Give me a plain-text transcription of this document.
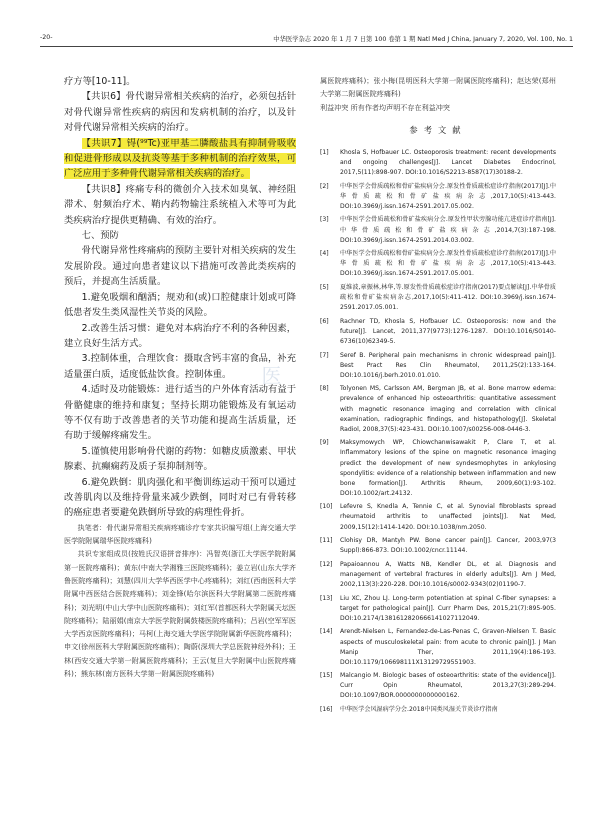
-20-	中华医学杂志 2020 年 1 月 7 日第 100 卷第 1 期 Natl Med J China, January 7, 2020, Vol. 100, No. 1
医

疗方等[10-11]。

【共识6】骨代谢异常相关疾病的治疗，必须包括针对骨代谢异常性疾病的病因和发病机制的治疗，以及针对骨代谢异常相关疾病的治疗。

【共识7】锝(⁹⁹Tc)亚甲基二膦酸盐具有抑制骨吸收和促进骨形成以及抗炎等基于多种机制的治疗效果，可广泛应用于多种骨代谢异常相关疾病的治疗。

【共识8】疼痛专科的微创介入技术如臭氧、神经阻滞术、射频治疗术、鞘内药物输注系统植入术等可为此类疾病治疗提供更精确、有效的治疗。

七、预防

骨代谢异常性疼痛病的预防主要针对相关疾病的发生发展阶段。通过向患者建议以下措施可改善此类疾病的预后，并提高生活质量。

1.避免吸烟和酗酒；规劝和(或)口腔健康计划或可降低患者发生类风湿性关节炎的风险。

2.改善生活习惯：避免对本病治疗不利的各种因素，建立良好生活方式。

3.控制体重，合理饮食：摄取含钙丰富的食品，补充适量蛋白质，适度低盐饮食。控制体重。

4.适时及功能锻炼：进行适当的户外体育活动有益于骨骼健康的维持和康复；坚持长期功能锻炼及有氧运动等不仅有助于改善患者的关节功能和提高生活质量，还有助于缓解疼痛发生。

5.谨慎使用影响骨代谢的药物：如糖皮质激素、甲状腺素、抗癫痫药及质子泵抑制剂等。

6.避免跌倒：肌肉强化和平衡训练运动干预可以通过改善肌肉以及维持骨量来减少跌倒，同时对已有骨转移的癌症患者要避免跌倒所导致的病理性骨折。

执笔者：骨代谢异常相关疾病疼痛诊疗专家共识编写组(上海交通大学医学院附属瑞华医院疼痛科)

共识专家组成员(按姓氏汉语拼音排序)：冯智英(浙江大学医学院附属第一医院疼痛科)；黄东(中南大学湘雅三医院疼痛科)；姜立岩(山东大学齐鲁医院疼痛科)；刘慧(四川大学华西医学中心疼痛科)；刘红(西南医科大学附属中西医结合医院疼痛科)；刘金锋(哈尔滨医科大学附属第二医院疼痛科)；刘光明(中山大学中山医院疼痛科)；刘红军(首都医科大学附属天坛医院疼痛科)；陆丽娟(南京大学医学院附属鼓楼医院疼痛科)；吕岩(空军军医大学西京医院疼痛科)；马柯(上海交通大学医学院附属新华医院疼痛科)；申文(徐州医科大学附属医院疼痛科)；陶蔚(深圳大学总医院神经外科)；王林(西安交通大学第一附属医院疼痛科)；王云(复旦大学附属中山医院疼痛科)；熊东林(南方医科大学第一附属医院疼痛科)

属医院疼痛科)；张小梅(昆明医科大学第一附属医院疼痛科)；赵达荣(郑州大学第二附属医院疼痛科)

利益冲突 所有作者均声明不存在利益冲突

参考文献
[1]	Khosla S, Hofbauer LC. Osteoporosis treatment: recent developments and ongoing challenges[J]. Lancet Diabetes Endocrinol, 2017,5(11):898-907. DOI:10.1016/S2213-8587(17)30188-2.
[2]	中华医学会骨质疏松和骨矿盐疾病分会.原发性骨质疏松症诊疗指南(2017)[J].中华骨质疏松和骨矿盐疾病杂志,2017,10(5):413-443. DOI:10.3969/j.issn.1674-2591.2017.05.002.
[3]	中华医学会骨质疏松和骨矿盐疾病分会.原发性甲状旁腺功能亢进症诊疗指南[J].中华骨质疏松和骨矿盐疾病杂志,2014,7(3):187-198. DOI:10.3969/j.issn.1674-2591.2014.03.002.
[4]	中华医学会骨质疏松和骨矿盐疾病分会.原发性骨质疏松症诊疗指南(2017)[J].中华骨质疏松和骨矿盐疾病杂志,2017,10(5):413-443. DOI:10.3969/j.issn.1674-2591.2017.05.001.
[5]	夏维波,章振林,林华,等.原发性骨质疏松症诊疗指南(2017)要点解读[J].中华骨质疏松和骨矿盐疾病杂志,2017,10(5):411-412. DOI:10.3969/j.issn.1674-2591.2017.05.001.
[6]	Rachner TD, Khosla S, Hofbauer LC. Osteoporosis: now and the future[J]. Lancet, 2011,377(9773):1276-1287. DOI:10.1016/S0140-6736(10)62349-5.
[7]	Seref B. Peripheral pain mechanisms in chronic widespread pain[J]. Best Pract Res Clin Rheumatol, 2011,25(2):133-164. DOI:10.1016/j.berh.2010.01.010.
[8]	Tolyonen MS, Carlsson AM, Bergman JB, et al. Bone marrow edema: prevalence of enhanced hip osteoarthritis: quantitative assessment with magnetic resonance imaging and correlation with clinical examination, radiographic findings, and histopathology[J]. Skeletal Radiol, 2008,37(5):423-431. DOI:10.1007/s00256-008-0446-3.
[9]	Maksymowych WP, Chiowchanwisawakit P, Clare T, et al. Inflammatory lesions of the spine on magnetic resonance imaging predict the development of new syndesmophytes in ankylosing spondylitis: evidence of a relationship between inflammation and new bone formation[J]. Arthritis Rheum, 2009,60(1):93-102. DOI:10.1002/art.24132.
[10]	Lefevre S, Knedla A, Tennie C, et al. Synovial fibroblasts spread rheumatoid arthritis to unaffected joints[J]. Nat Med, 2009,15(12):1414-1420. DOI:10.1038/nm.2050.
[11]	Clohisy DR, Mantyh PW. Bone cancer pain[J]. Cancer, 2003,97(3 Suppl):866-873. DOI:10.1002/cncr.11144.
[12]	Papaioannou A, Watts NB, Kendler DL, et al. Diagnosis and management of vertebral fractures in elderly adults[J]. Am J Med, 2002,113(3):220-228. DOI:10.1016/s0002-9343(02)01190-7.
[13]	Liu XC, Zhou LJ. Long-term potentiation at spinal C-fiber synapses: a target for pathological pain[J]. Curr Pharm Des, 2015,21(7):895-905. DOI:10.2174/1381612820666141027112049.
[14]	Arendt-Nielsen L, Fernandez-de-Las-Penas C, Graven-Nielsen T. Basic aspects of musculoskeletal pain: from acute to chronic pain[J]. J Man Manip Ther, 2011,19(4):186-193. DOI:10.1179/106698111X13129729551903.
[15]	Malcangio M. Biologic bases of osteoarthritis: state of the evidence[J]. Curr Opin Rheumatol, 2013,27(3):289-294. DOI:10.1097/BOR.0000000000000162.
[16]	中华医学会风湿病学分会.2018中国类风湿关节炎诊疗指南
